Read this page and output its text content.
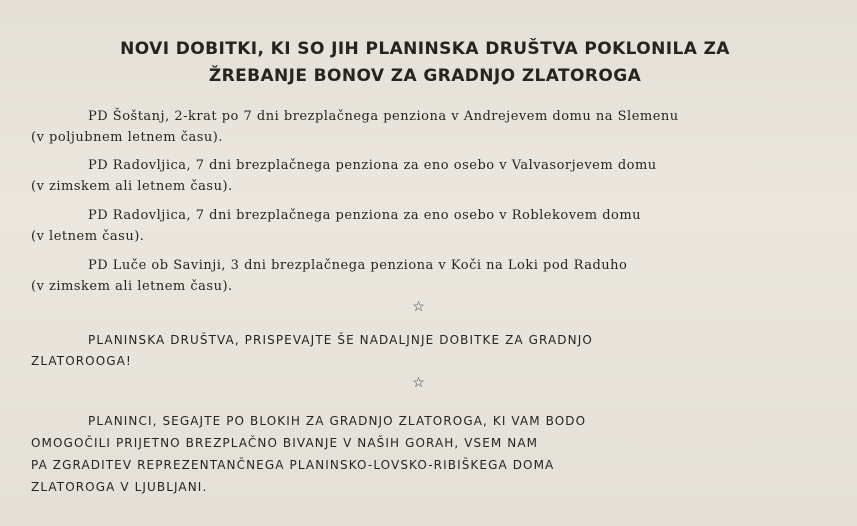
NOVI DOBITKI, KI SO JIH PLANINSKA DRUŠTVA POKLONILA ZA
ŽREBANJE BONOV ZA GRADNJO ZLATOROGA
PD Šoštanj, 2-krat po 7 dni brezplačnega penziona v Andrejevem domu na Slemenu
(v poljubnem letnem času).
PD Radovljica, 7 dni brezplačnega penziona za eno osebo v Valvasorjevem domu
(v zimskem ali letnem času).
PD Radovljica, 7 dni brezplačnega penziona za eno osebo v Roblekovem domu
(v letnem času).
PD Luče ob Savinji, 3 dni brezplačnega penziona v Koči na Loki pod Raduho
(v zimskem ali letnem času).
☆
PLANINSKA DRUŠTVA, PRISPEVAJTE ŠE NADALJNJE DOBITKE ZA GRADNJO
ZLATOROOGA!
☆
PLANINCI, SEGAJTE PO BLOKIH ZA GRADNJO ZLATOROGA, KI VAM BODO
OMOGOČILI PRIJETNO BREZPLAČNO BIVANJE V NAŠIH GORAH, VSEM NAM
PA ZGRADITEV REPREZENTANČNEGA PLANINSKO-LOVSKO-RIBIŠKEGA DOMA
ZLATOROGA V LJUBLJANI.
